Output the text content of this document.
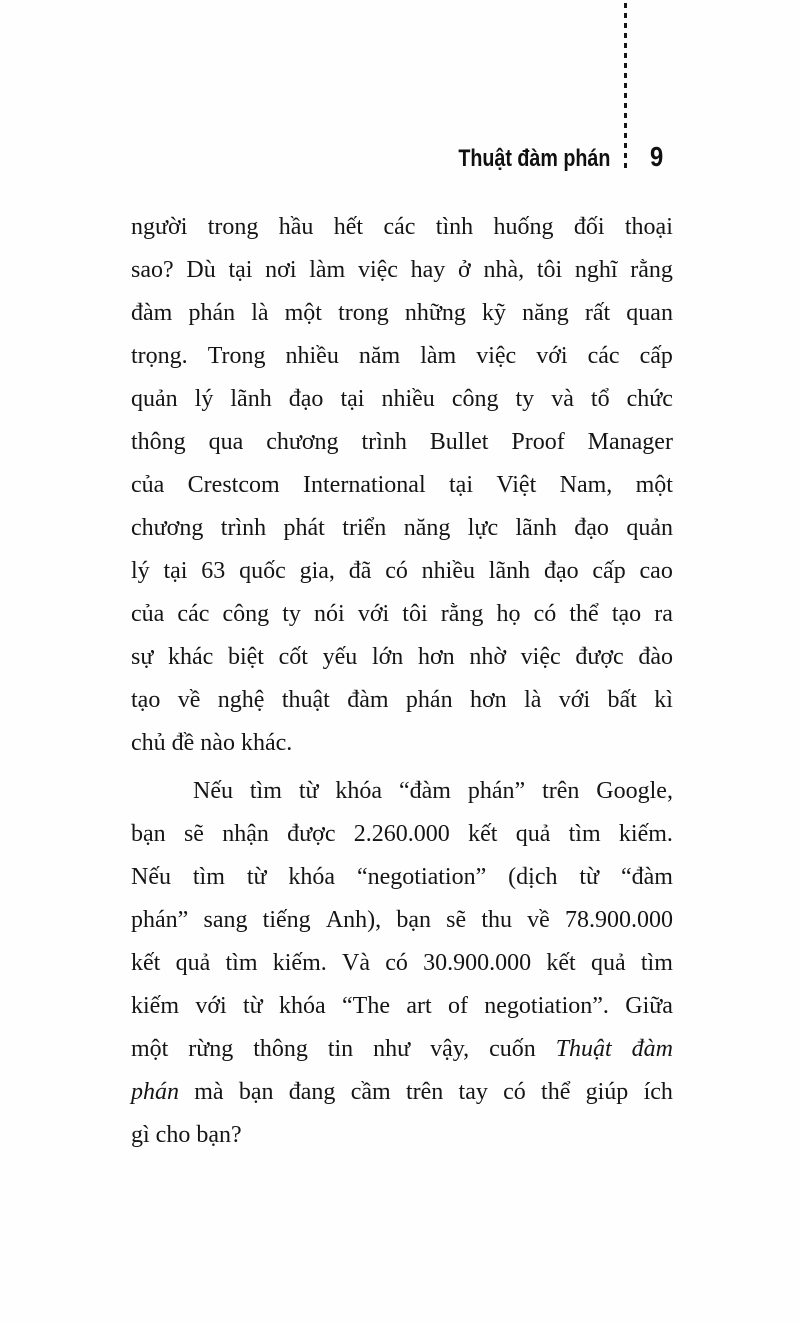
Thuật đàm phán 9
người trong hầu hết các tình huống đối thoại
sao? Dù tại nơi làm việc hay ở nhà, tôi nghĩ rằng
đàm phán là một trong những kỹ năng rất quan
trọng. Trong nhiều năm làm việc với các cấp
quản lý lãnh đạo tại nhiều công ty và tổ chức
thông qua chương trình Bullet Proof Manager
của Crestcom International tại Việt Nam, một
chương trình phát triển năng lực lãnh đạo quản
lý tại 63 quốc gia, đã có nhiều lãnh đạo cấp cao
của các công ty nói với tôi rằng họ có thể tạo ra
sự khác biệt cốt yếu lớn hơn nhờ việc được đào
tạo về nghệ thuật đàm phán hơn là với bất kì
chủ đề nào khác.
Nếu tìm từ khóa “đàm phán” trên Google,
bạn sẽ nhận được 2.260.000 kết quả tìm kiếm.
Nếu tìm từ khóa “negotiation” (dịch từ “đàm
phán” sang tiếng Anh), bạn sẽ thu về 78.900.000
kết quả tìm kiếm. Và có 30.900.000 kết quả tìm
kiếm với từ khóa “The art of negotiation”. Giữa
một rừng thông tin như vậy, cuốn Thuật đàm
phán mà bạn đang cầm trên tay có thể giúp ích
gì cho bạn?
